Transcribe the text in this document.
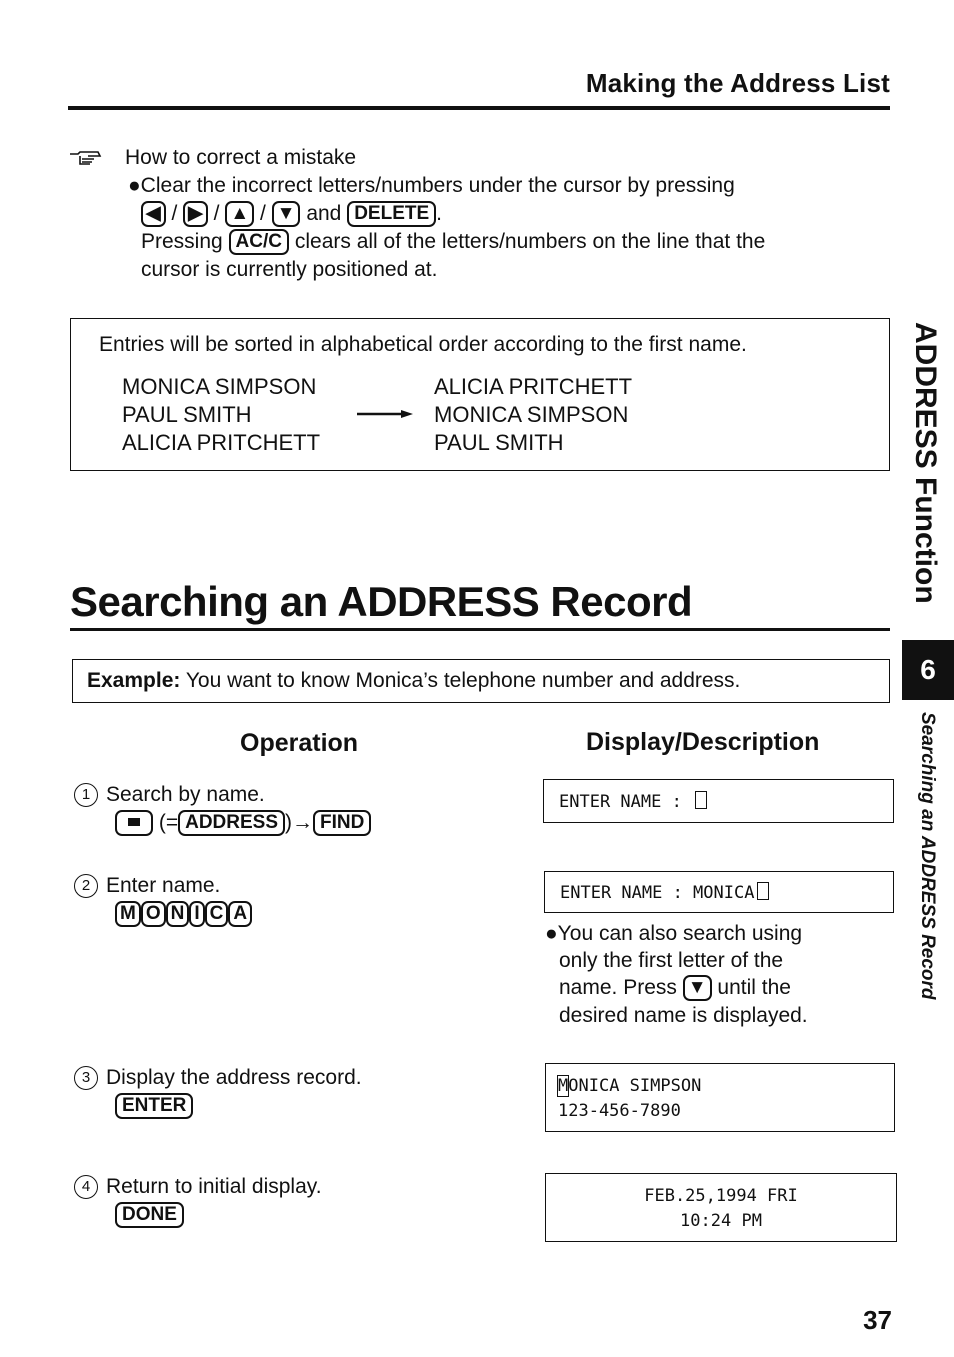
Making the Address List
How to correct a mistake
●Clear the incorrect letters/numbers under the cursor by pressing
◀ / ▶ / ▲ / ▼ and DELETE .
Pressing AC/C clears all of the letters/numbers on the line that the
cursor is currently positioned at.
Entries will be sorted in alphabetical order according to the first name.
MONICA SIMPSON
PAUL SMITH
ALICIA PRITCHETT
ALICIA PRITCHETT
MONICA SIMPSON
PAUL SMITH
Searching an ADDRESS Record
Example: You want to know Monica’s telephone number and address.
Operation	Display/Description
1 Search by name.
(= ADDRESS )→ FIND
ENTER NAME :
2 Enter name.
M O N I C A
ENTER NAME : MONICA
●You can also search using
only the first letter of the
name. Press ▼ until the
desired name is displayed.
3 Display the address record.
ENTER
MONICA SIMPSON
123-456-7890
4 Return to initial display.
DONE
FEB.25,1994 FRI
10:24 PM
ADDRESS Function
6
Searching an ADDRESS Record
37
